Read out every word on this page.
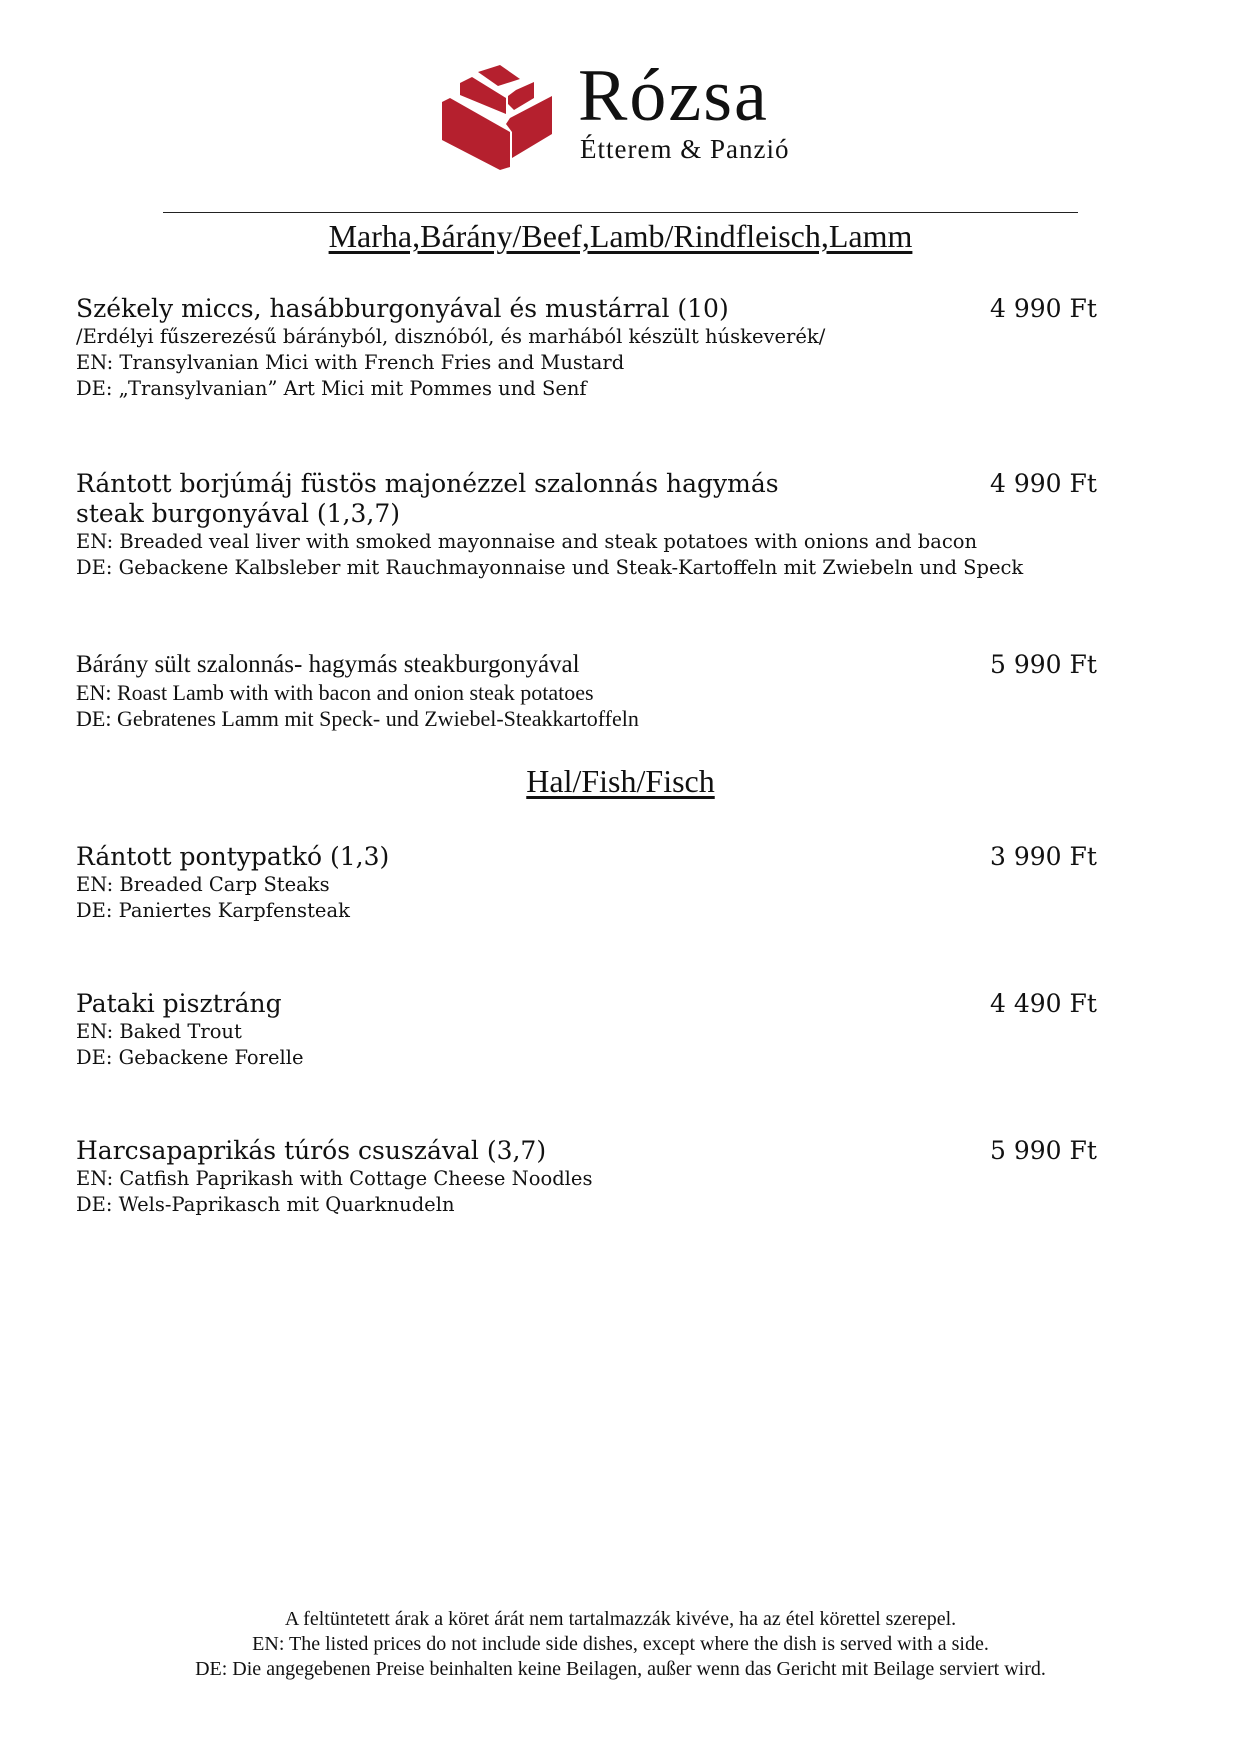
Rózsa
Étterem & Panzió
Marha,Bárány/Beef,Lamb/Rindfleisch,Lamm
Székely miccs, hasábburgonyával és mustárral (10)
/Erdélyi fűszerezésű bárányból, disznóból, és marhából készült húskeverék/
EN: Transylvanian Mici with French Fries and Mustard
DE: „Transylvanian” Art Mici mit Pommes und Senf
4 990 Ft
Rántott borjúmáj füstös majonézzel szalonnás hagymás
steak burgonyával (1,3,7)
EN: Breaded veal liver with smoked mayonnaise and steak potatoes with onions and bacon
DE: Gebackene Kalbsleber mit Rauchmayonnaise und Steak-Kartoffeln mit Zwiebeln und Speck
4 990 Ft
Bárány sült szalonnás- hagymás steakburgonyával
EN: Roast Lamb with with bacon and onion steak potatoes
DE: Gebratenes Lamm mit Speck- und Zwiebel-Steakkartoffeln
5 990 Ft
Hal/Fish/Fisch
Rántott pontypatkó (1,3)
EN: Breaded Carp Steaks
DE: Paniertes Karpfensteak
3 990 Ft
Pataki pisztráng
EN: Baked Trout
DE: Gebackene Forelle
4 490 Ft
Harcsapaprikás túrós csuszával (3,7)
EN: Catfish Paprikash with Cottage Cheese Noodles
DE: Wels-Paprikasch mit Quarknudeln
5 990 Ft
A feltüntetett árak a köret árát nem tartalmazzák kivéve, ha az étel körettel szerepel.
EN: The listed prices do not include side dishes, except where the dish is served with a side.
DE: Die angegebenen Preise beinhalten keine Beilagen, außer wenn das Gericht mit Beilage serviert wird.
